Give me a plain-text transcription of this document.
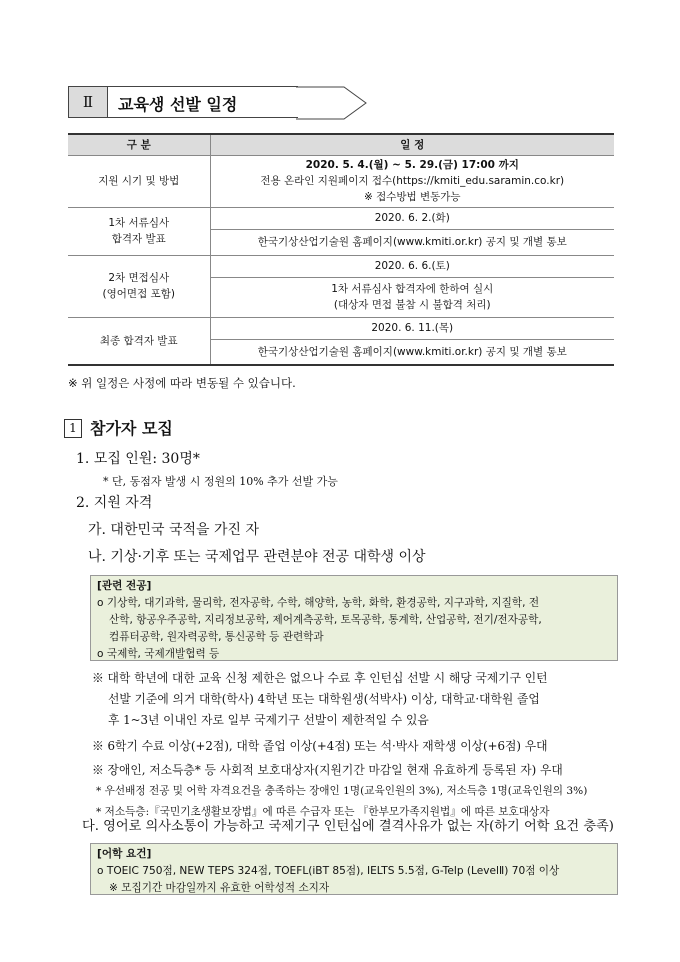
Ⅱ	교육생 선발 일정
구 분	일 정

지원 시기 및 방법	2020. 5. 4.(월) ~ 5. 29.(금) 17:00 까지
전용 온라인 지원페이지 접수(https://kmiti_edu.saramin.co.kr)
※ 접수방법 변동가능

1차 서류심사
합격자 발표	2020. 6. 2.(화)
	한국기상산업기술원 홈페이지(www.kmiti.or.kr) 공지 및 개별 통보

2차 면접심사
(영어면접 포함)	2020. 6. 6.(토)

	1차 서류심사 합격자에 한하여 실시
(대상자 면접 불참 시 불합격 처리)

최종 합격자 발표	2020. 6. 11.(목)
	한국기상산업기술원 홈페이지(www.kmiti.or.kr) 공지 및 개별 통보
※ 위 일정은 사정에 따라 변동될 수 있습니다.
1 참가자 모집
1. 모집 인원: 30명*
* 단, 동점자 발생 시 정원의 10% 추가 선발 가능
2. 지원 자격
가. 대한민국 국적을 가진 자
나. 기상·기후 또는 국제업무 관련분야 전공 대학생 이상
[관련 전공]
o 기상학, 대기과학, 물리학, 전자공학, 수학, 해양학, 농학, 화학, 환경공학, 지구과학, 지질학, 전
산학, 항공우주공학, 지리정보공학, 제어계측공학, 토목공학, 통계학, 산업공학, 전기/전자공학,
컴퓨터공학, 원자력공학, 통신공학 등 관련학과
o 국제학, 국제개발협력 등
※ 대학 학년에 대한 교육 신청 제한은 없으나 수료 후 인턴십 선발 시 해당 국제기구 인턴
선발 기준에 의거 대학(학사) 4학년 또는 대학원생(석박사) 이상, 대학교·대학원 졸업
후 1~3년 이내인 자로 일부 국제기구 선발이 제한적일 수 있음
※ 6학기 수료 이상(+2점), 대학 졸업 이상(+4점) 또는 석·박사 재학생 이상(+6점) 우대
※ 장애인, 저소득층* 등 사회적 보호대상자(지원기간 마감일 현재 유효하게 등록된 자) 우대
* 우선배정 전공 및 어학 자격요건을 충족하는 장애인 1명(교육인원의 3%), 저소득층 1명(교육인원의 3%)
* 저소득층:『국민기초생활보장법』에 따른 수급자 또는 『한부모가족지원법』에 따른 보호대상자
다. 영어로 의사소통이 가능하고 국제기구 인턴십에 결격사유가 없는 자(하기 어학 요건 충족)
[어학 요건]
o TOEIC 750점, NEW TEPS 324점, TOEFL(iBT 85점), IELTS 5.5점, G-Telp (LevelⅡ) 70점 이상
※ 모집기간 마감일까지 유효한 어학성적 소지자
